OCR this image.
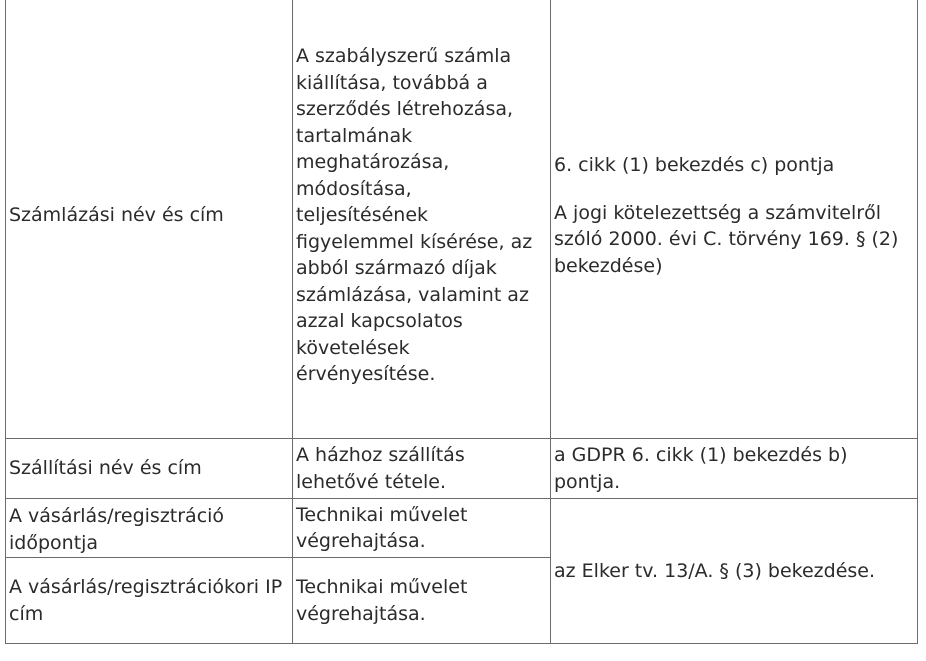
Számlázási név és cím	A szabályszerű számla kiállítása, továbbá a szerződés létrehozása, tartalmának meghatározása, módosítása, teljesítésének figyelemmel kísérése, az abból származó díjak számlázása, valamint az azzal kapcsolatos követelések érvényesítése.	6. cikk (1) bekezdés c) pontja

A jogi kötelezettség a számvitelről szóló 2000. évi C. törvény 169. § (2) bekezdése)

Szállítási név és cím	A házhoz szállítás lehetővé tétele.	a GDPR 6. cikk (1) bekezdés b) pontja.
A vásárlás/regisztráció időpontja	Technikai művelet végrehajtása.	az Elker tv. 13/A. § (3) bekezdése.
A vásárlás/regisztrációkori IP cím	Technikai művelet végrehajtása.	
